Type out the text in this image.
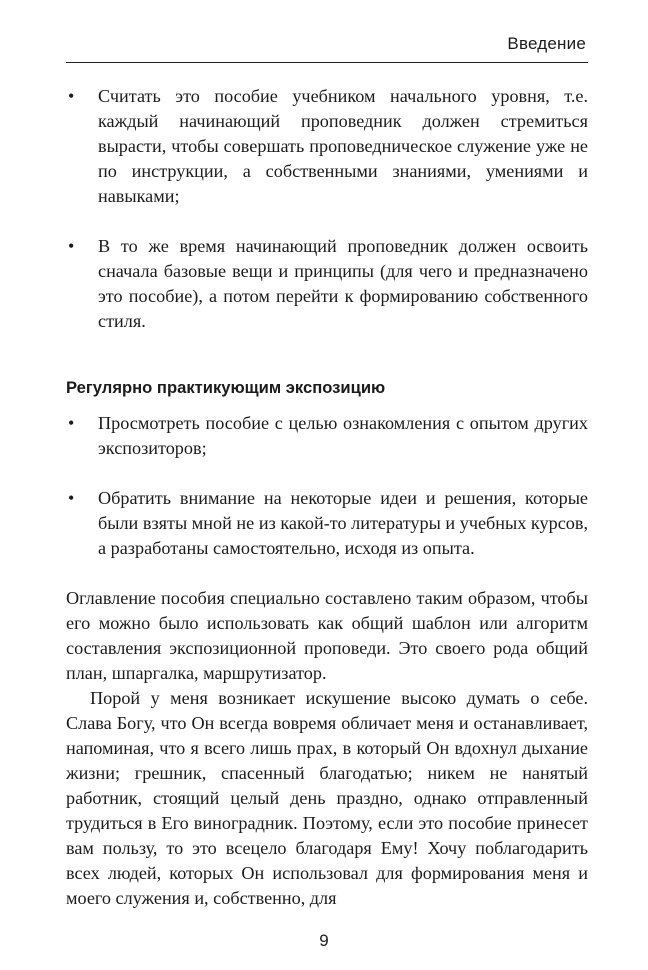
Введение
• Считать это пособие учебником начального уровня, т.е. каждый начинающий проповедник должен стремиться вырасти, чтобы совершать проповедническое служение уже не по инструкции, а собственными знаниями, умениями и навыками;
• В то же время начинающий проповедник должен освоить сначала базовые вещи и принципы (для чего и предназначено это пособие), а потом перейти к формированию собственного стиля.
Регулярно практикующим экспозицию
• Просмотреть пособие с целью ознакомления с опытом других экспозиторов;
• Обратить внимание на некоторые идеи и решения, которые были взяты мной не из какой-то литературы и учебных курсов, а разработаны самостоятельно, исходя из опыта.

Оглавление пособия специально составлено таким образом, чтобы его можно было использовать как общий шаблон или алгоритм составления экспозиционной проповеди. Это своего рода общий план, шпаргалка, маршрутизатор.

Порой у меня возникает искушение высоко думать о себе. Слава Богу, что Он всегда вовремя обличает меня и останавливает, напоминая, что я всего лишь прах, в который Он вдохнул дыхание жизни; грешник, спасенный благодатью; никем не нанятый работник, стоящий целый день праздно, однако отправленный трудиться в Его виноградник. Поэтому, если это пособие принесет вам пользу, то это всецело благодаря Ему! Хочу поблагодарить всех людей, которых Он использовал для формирования меня и моего служения и, собственно, для

9
